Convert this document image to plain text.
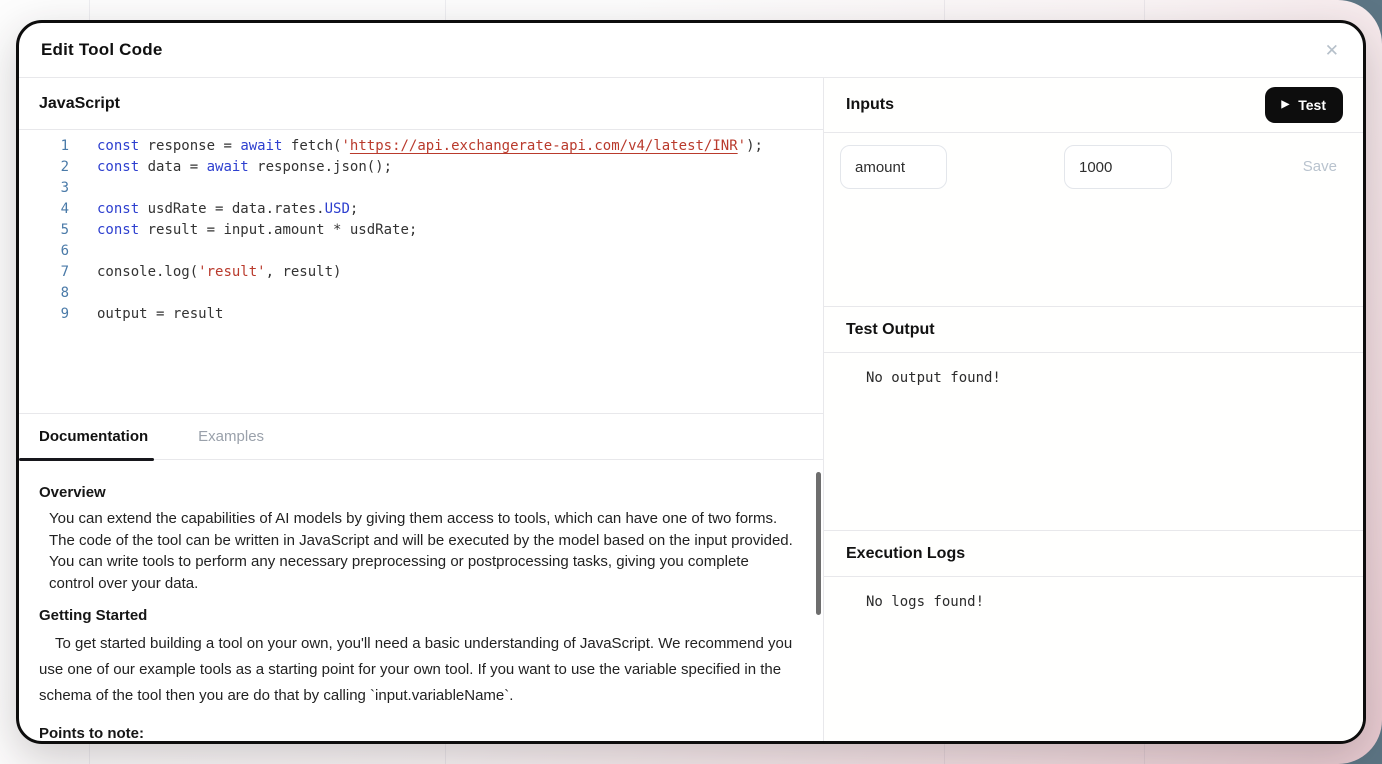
Edit Tool Code	✕
JavaScript
1 const response = await fetch('https://api.exchangerate-api.com/v4/latest/INR');
2 const data = await response.json();
3
4 const usdRate = data.rates.USD;
5 const result = input.amount * usdRate;
6
7 console.log('result', result)
8
9 output = result
Documentation	Examples
Overview

You can extend the capabilities of AI models by giving them access to tools, which can have one of two forms. The code of the tool can be written in JavaScript and will be executed by the model based on the input provided. You can write tools to perform any necessary preprocessing or postprocessing tasks, giving you complete control over your data.

Getting Started

To get started building a tool on your own, you'll need a basic understanding of JavaScript. We recommend you use one of our example tools as a starting point for your own tool. If you want to use the variable specified in the schema of the tool then you are do that by calling `input.variableName`.

Points to note:
Inputs	▶ Test
amount
1000
Save
Test Output
No output found!
Execution Logs
No logs found!
